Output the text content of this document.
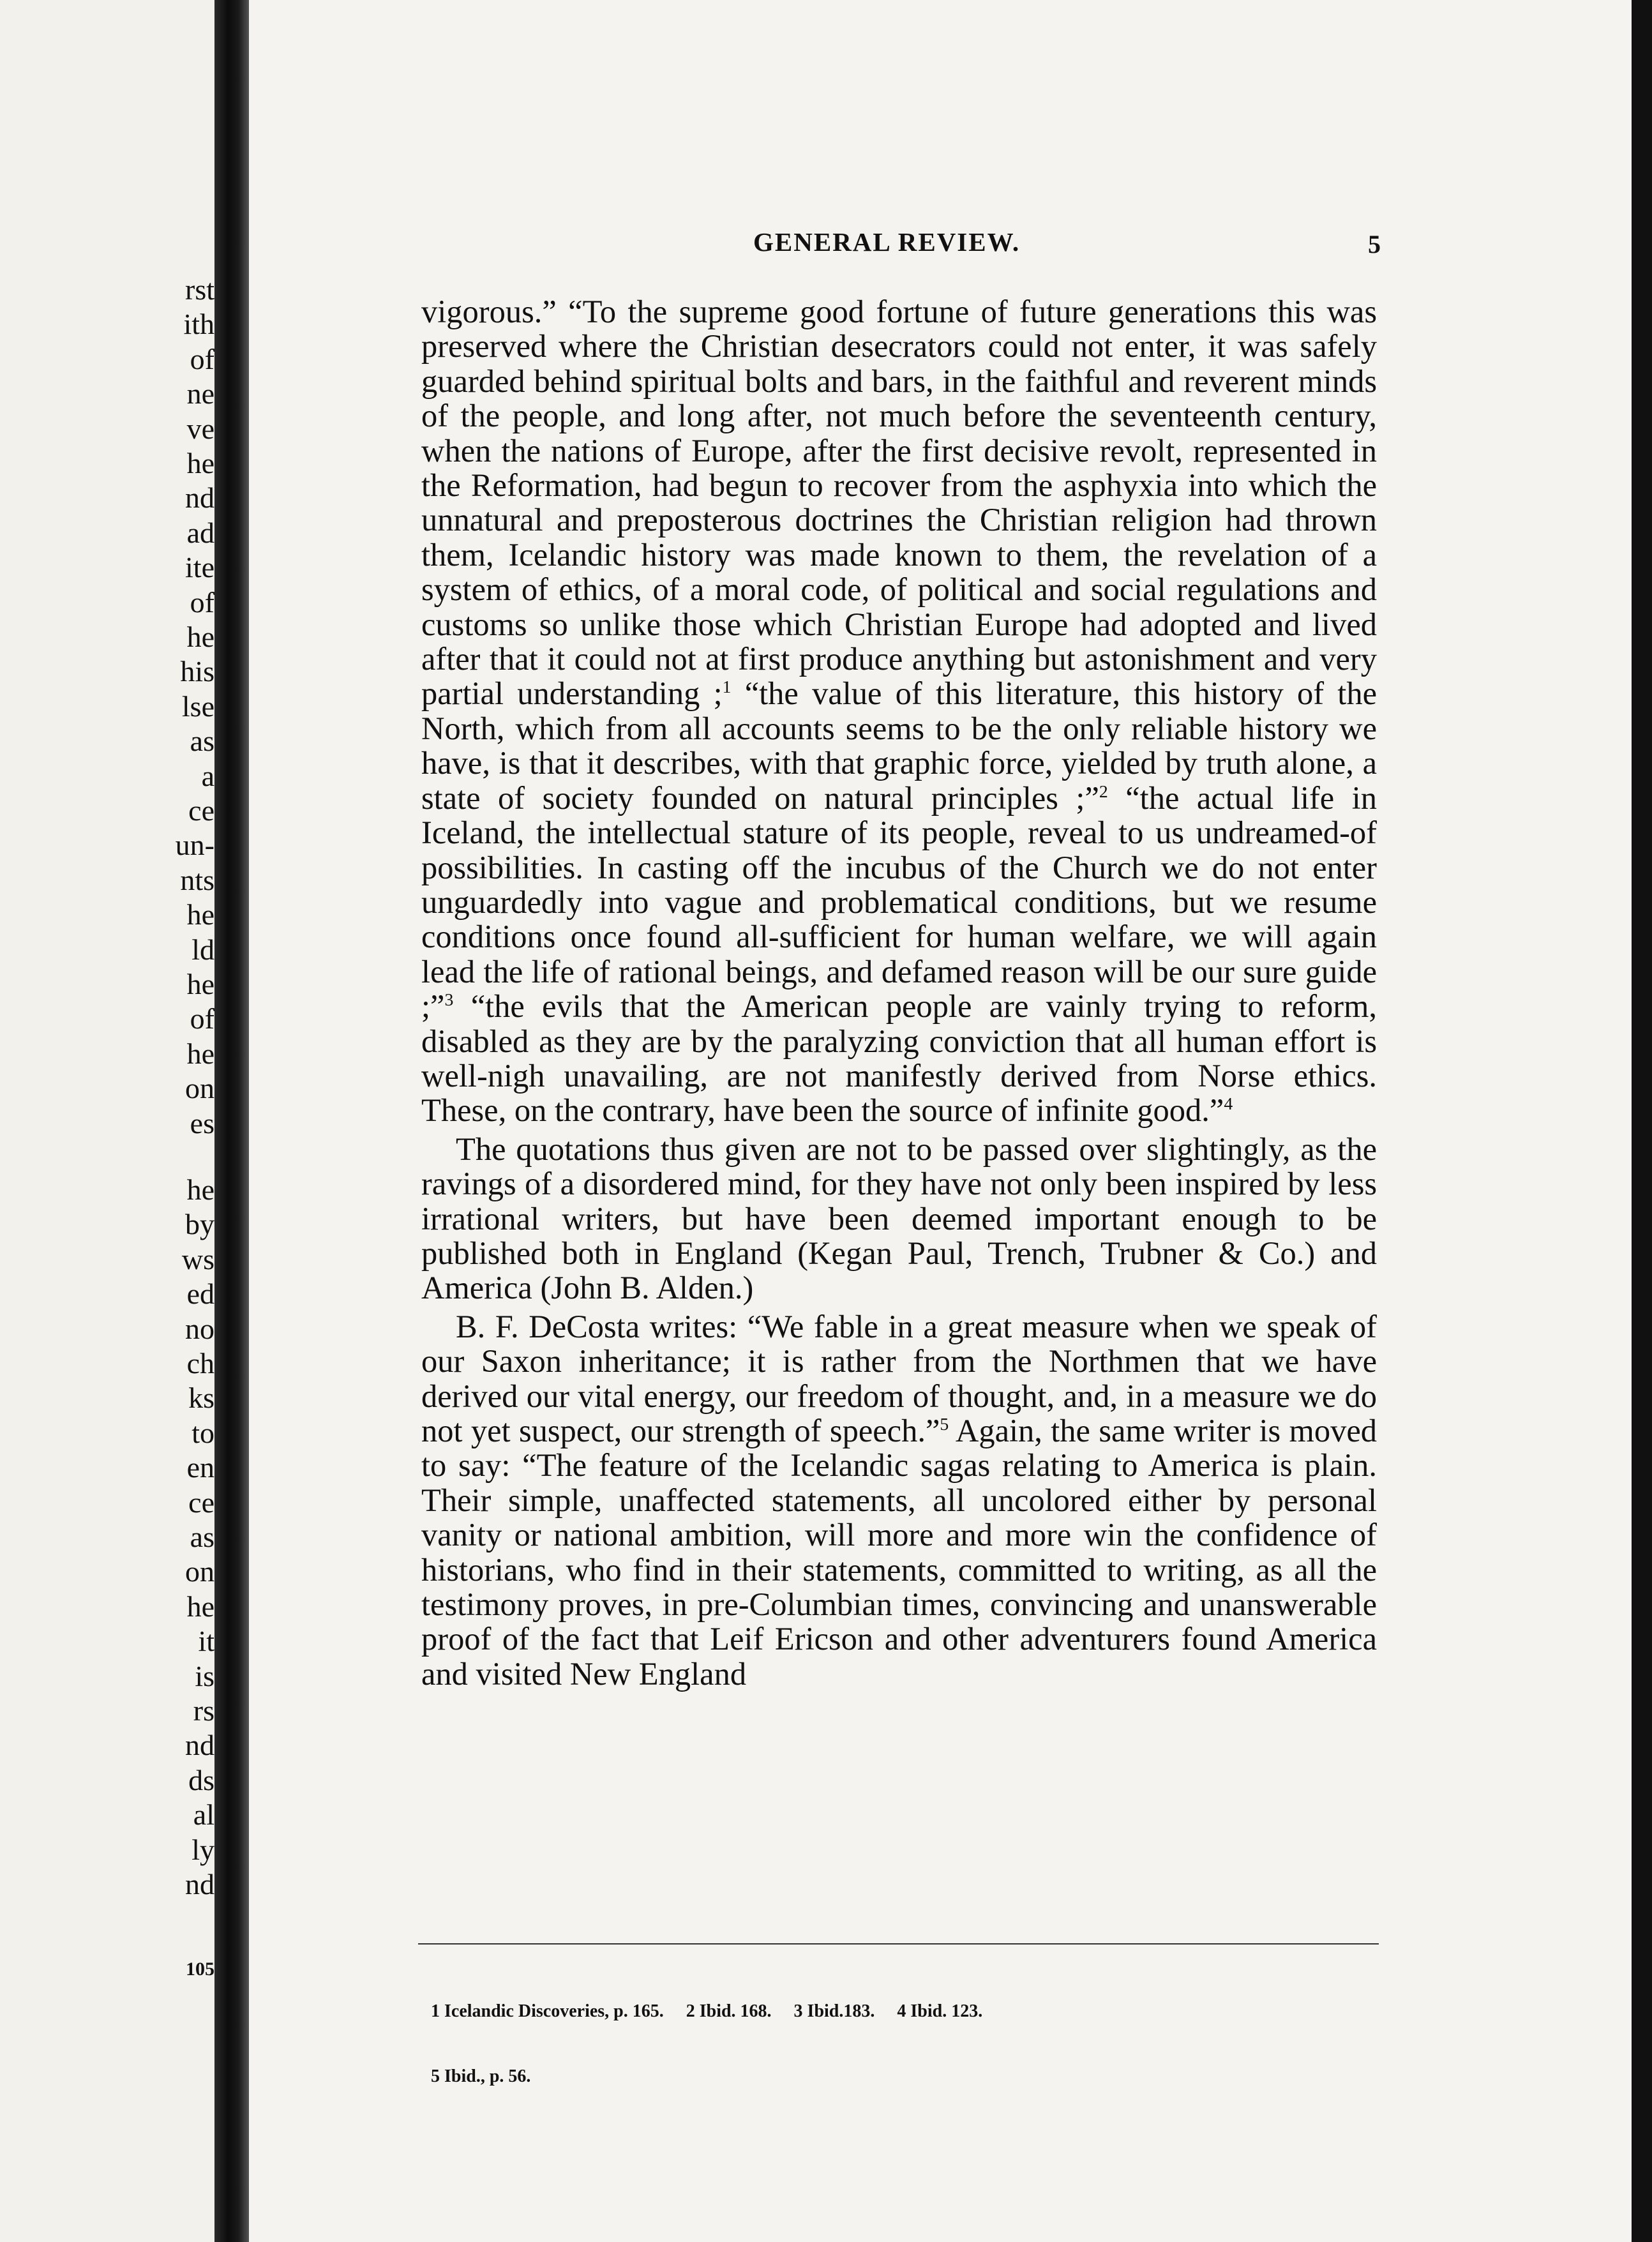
rst
ith
of
ne
ve
he
nd
ad
ite
of
he
his
lse
as
a
ce
un-
nts
he
ld
he
of
he
on
es
he
by
ws
ed
no
ch
ks
to
en
ce
as
on
he
it
is
rs
nd
ds
al
ly
nd
105
GENERAL REVIEW.	5

vigorous.” “To the supreme good fortune of future generations this was preserved where the Christian desecrators could not enter, it was safely guarded behind spiritual bolts and bars, in the faithful and reverent minds of the people, and long after, not much before the seventeenth century, when the nations of Europe, after the first decisive revolt, represented in the Reformation, had begun to recover from the asphyxia into which the unnatural and preposterous doctrines the Christian religion had thrown them, Icelandic history was made known to them, the revelation of a system of ethics, of a moral code, of political and social regulations and customs so unlike those which Christian Europe had adopted and lived after that it could not at first produce anything but astonishment and very partial understanding ;$^1$ “the value of this literature, this history of the North, which from all accounts seems to be the only reliable history we have, is that it describes, with that graphic force, yielded by truth alone, a state of society founded on natural principles ;”$^2$ “the actual life in Iceland, the intellectual stature of its people, reveal to us undreamed-of possibilities. In casting off the incubus of the Church we do not enter unguardedly into vague and problematical conditions, but we resume conditions once found all-sufficient for human welfare, we will again lead the life of rational beings, and defamed reason will be our sure guide ;”$^3$ “the evils that the American people are vainly trying to reform, disabled as they are by the paralyzing conviction that all human effort is well-nigh unavailing, are not manifestly derived from Norse ethics. These, on the contrary, have been the source of infinite good.”$^4$

The quotations thus given are not to be passed over slightingly, as the ravings of a disordered mind, for they have not only been inspired by less irrational writers, but have been deemed important enough to be published both in England (Kegan Paul, Trench, Trubner & Co.) and America (John B. Alden.)

B. F. DeCosta writes: “We fable in a great measure when we speak of our Saxon inheritance; it is rather from the Northmen that we have derived our vital energy, our freedom of thought, and, in a measure we do not yet suspect, our strength of speech.”$^5$ Again, the same writer is moved to say: “The feature of the Icelandic sagas relating to America is plain. Their simple, unaffected statements, all uncolored either by personal vanity or national ambition, will more and more win the confidence of historians, who find in their statements, committed to writing, as all the testimony proves, in pre-Columbian times, convincing and unanswerable proof of the fact that Leif Ericson and other adventurers found America and visited New England

1 Icelandic Discoveries, p. 165.     2 Ibid. 168.     3 Ibid.183.     4 Ibid. 123.

5 Ibid., p. 56.
